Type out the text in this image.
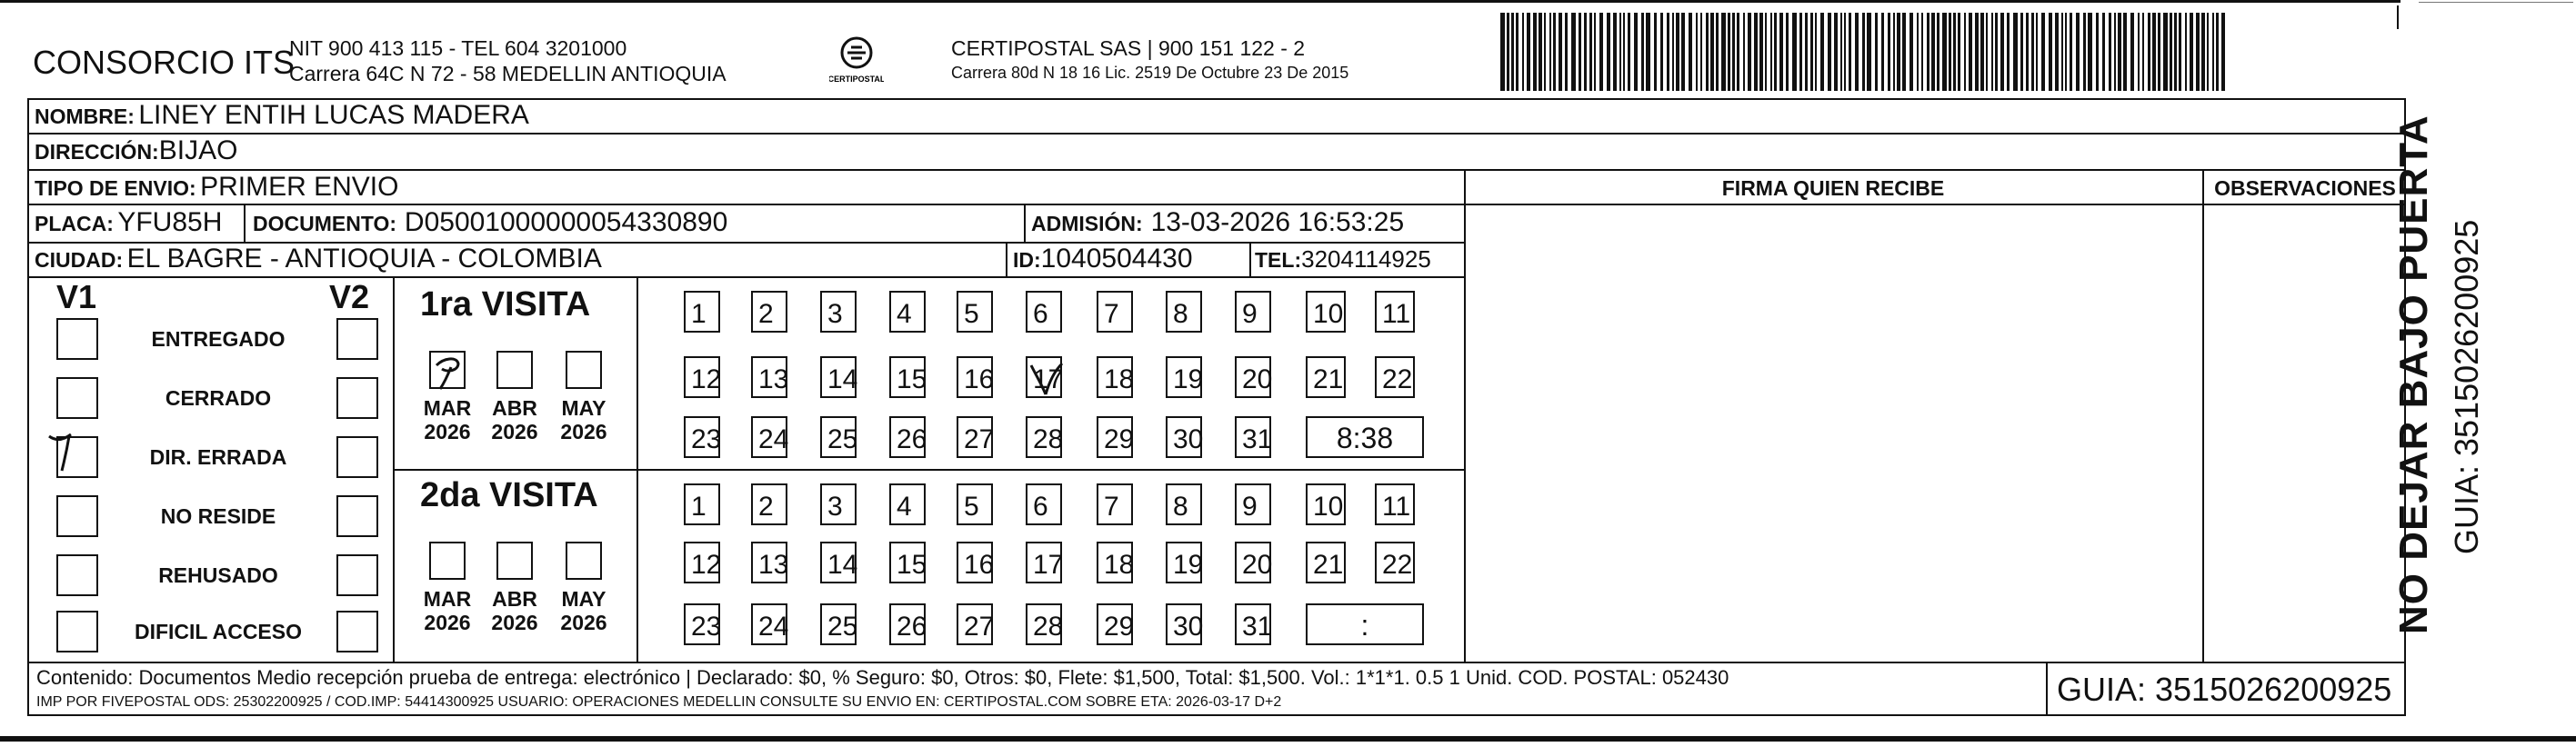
CONSORCIO ITS
NIT 900 413 115 - TEL 604 3201000
Carrera 64C N 72 - 58 MEDELLIN ANTIOQUIA	CERTIPOSTAL
CERTIPOSTAL SAS | 900 151 122 - 2
Carrera 80d N 18 16 Lic. 2519 De Octubre 23 De 2015
NOMBRE: LINEY ENTIH LUCAS MADERA
DIRECCIÓN:BIJAO
TIPO DE ENVIO: PRIMER ENVIO
PLACA: YFU85H DOCUMENTO: D05001000000054330890	ADMISIÓN: 13-03-2026 16:53:25
CIUDAD: EL BAGRE - ANTIOQUIA - COLOMBIA	ID:1040504430	TEL:3204114925
FIRMA QUIEN RECIBE	OBSERVACIONES
V1	V2
ENTREGADO
CERRADO
DIR. ERRADA
NO RESIDE
REHUSADO
DIFICIL ACCESO
1ra VISITA
2da VISITA
MAR
2026
ABR
2026
MAY
2026
1	2	3	4	5	6	7	8	9	10 11
12 13 14 15 16 17 18 19 20 21 22
23 24 25 26 27 28 29 30 31	8:38
MAR
2026
ABR
2026
MAY
2026
1	2	3	4	5	6	7	8	9	10 11
12 13 14 15 16 17 18 19 20 21 22
23 24 25 26 27 28 29 30 31	:
Contenido: Documentos Medio recepción prueba de entrega: electrónico | Declarado: $0, % Seguro: $0, Otros: $0, Flete: $1,500, Total: $1,500. Vol.: 1*1*1. 0.5 1 Unid. COD. POSTAL: 052430
IMP POR FIVEPOSTAL ODS: 25302200925 / COD.IMP: 54414300925 USUARIO: OPERACIONES MEDELLIN CONSULTE SU ENVIO EN: CERTIPOSTAL.COM SOBRE ETA: 2026-03-17 D+2	GUIA: 3515026200925
NO DEJAR BAJO PUERTA GUIA: 3515026200925
